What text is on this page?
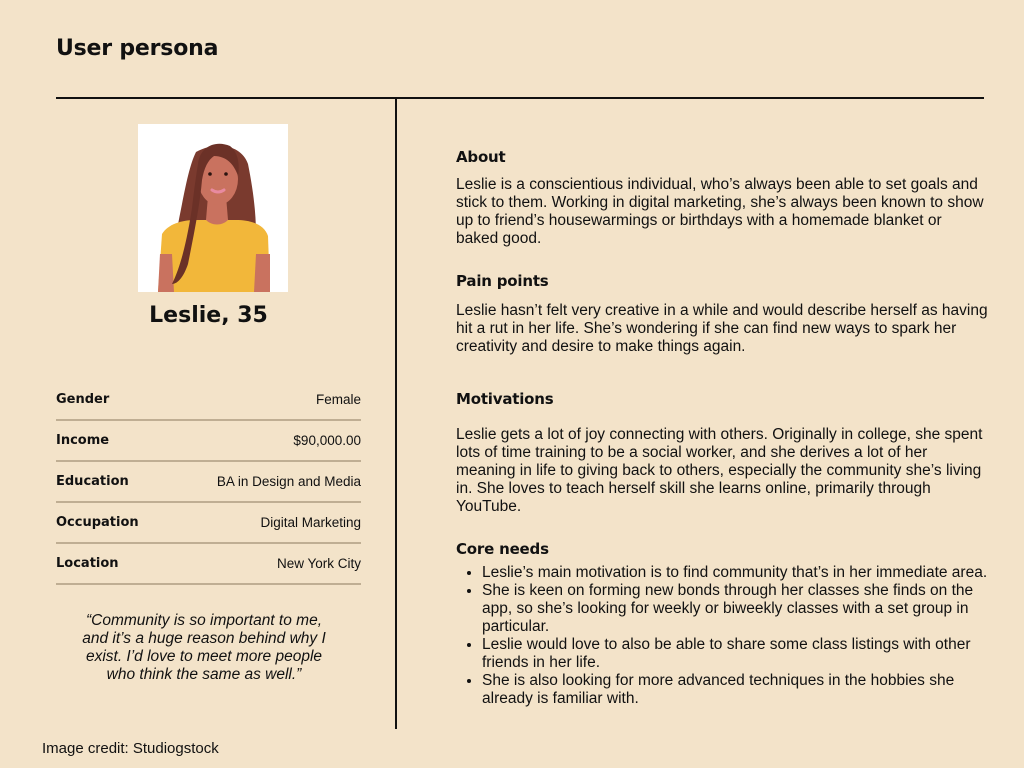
User persona
Leslie, 35
Gender	Female
Income	$90,000.00
Education	BA in Design and Media
Occupation	Digital Marketing
Location	New York City

“Community is so important to me, and it’s a huge reason behind why I exist. I’d love to meet more people who think the same as well.”

Image credit: Studiogstock

About

Leslie is a conscientious individual, who’s always been able to set goals and stick to them. Working in digital marketing, she’s always been known to show up to friend’s housewarmings or birthdays with a homemade blanket or baked good.

Pain points

Leslie hasn’t felt very creative in a while and would describe herself as having hit a rut in her life. She’s wondering if she can find new ways to spark her creativity and desire to make things again.

Motivations

Leslie gets a lot of joy connecting with others. Originally in college, she spent lots of time training to be a social worker, and she derives a lot of her meaning in life to giving back to others, especially the community she’s living in. She loves to teach herself skill she learns online, primarily through YouTube.

Core needs
• Leslie’s main motivation is to find community that’s in her immediate area.
• She is keen on forming new bonds through her classes she finds on the app, so she’s looking for weekly or biweekly classes with a set group in particular.
• Leslie would love to also be able to share some class listings with other friends in her life.
• She is also looking for more advanced techniques in the hobbies she already is familiar with.
